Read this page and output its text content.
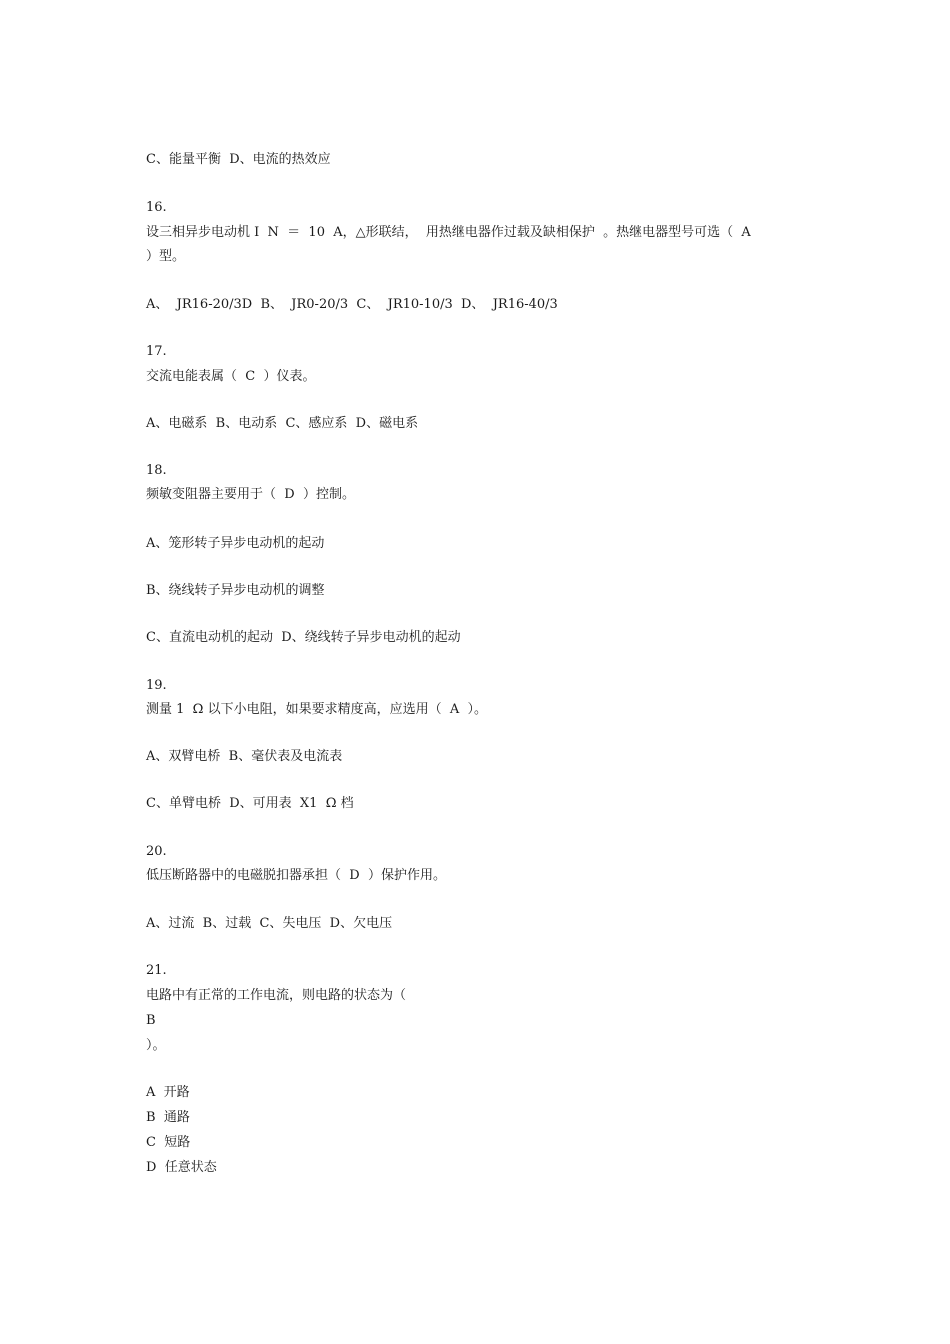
C、能量平衡  D、电流的热效应

16.

设三相异步电动机 I  N  ＝  10  A，△形联结，  用热继电器作过载及缺相保护  。热继电器型号可选（  A

）型。

A、  JR16-20/3D  B、  JR0-20/3  C、  JR10-10/3  D、  JR16-40/3

17.

交流电能表属（  C  ）仪表。

A、电磁系  B、电动系  C、感应系  D、磁电系

18.

频敏变阻器主要用于（  D  ）控制。

A、笼形转子异步电动机的起动

B、绕线转子异步电动机的调整

C、直流电动机的起动  D、绕线转子异步电动机的起动

19.

测量 1  Ω 以下小电阻，如果要求精度高，应选用（  A  ）。

A、双臂电桥  B、毫伏表及电流表

C、单臂电桥  D、可用表  X1  Ω 档

20.

低压断路器中的电磁脱扣器承担（  D  ）保护作用。

A、过流  B、过载  C、失电压  D、欠电压

21.

电路中有正常的工作电流，则电路的状态为（

B

）。

A  开路

B  通路

C  短路

D  任意状态
